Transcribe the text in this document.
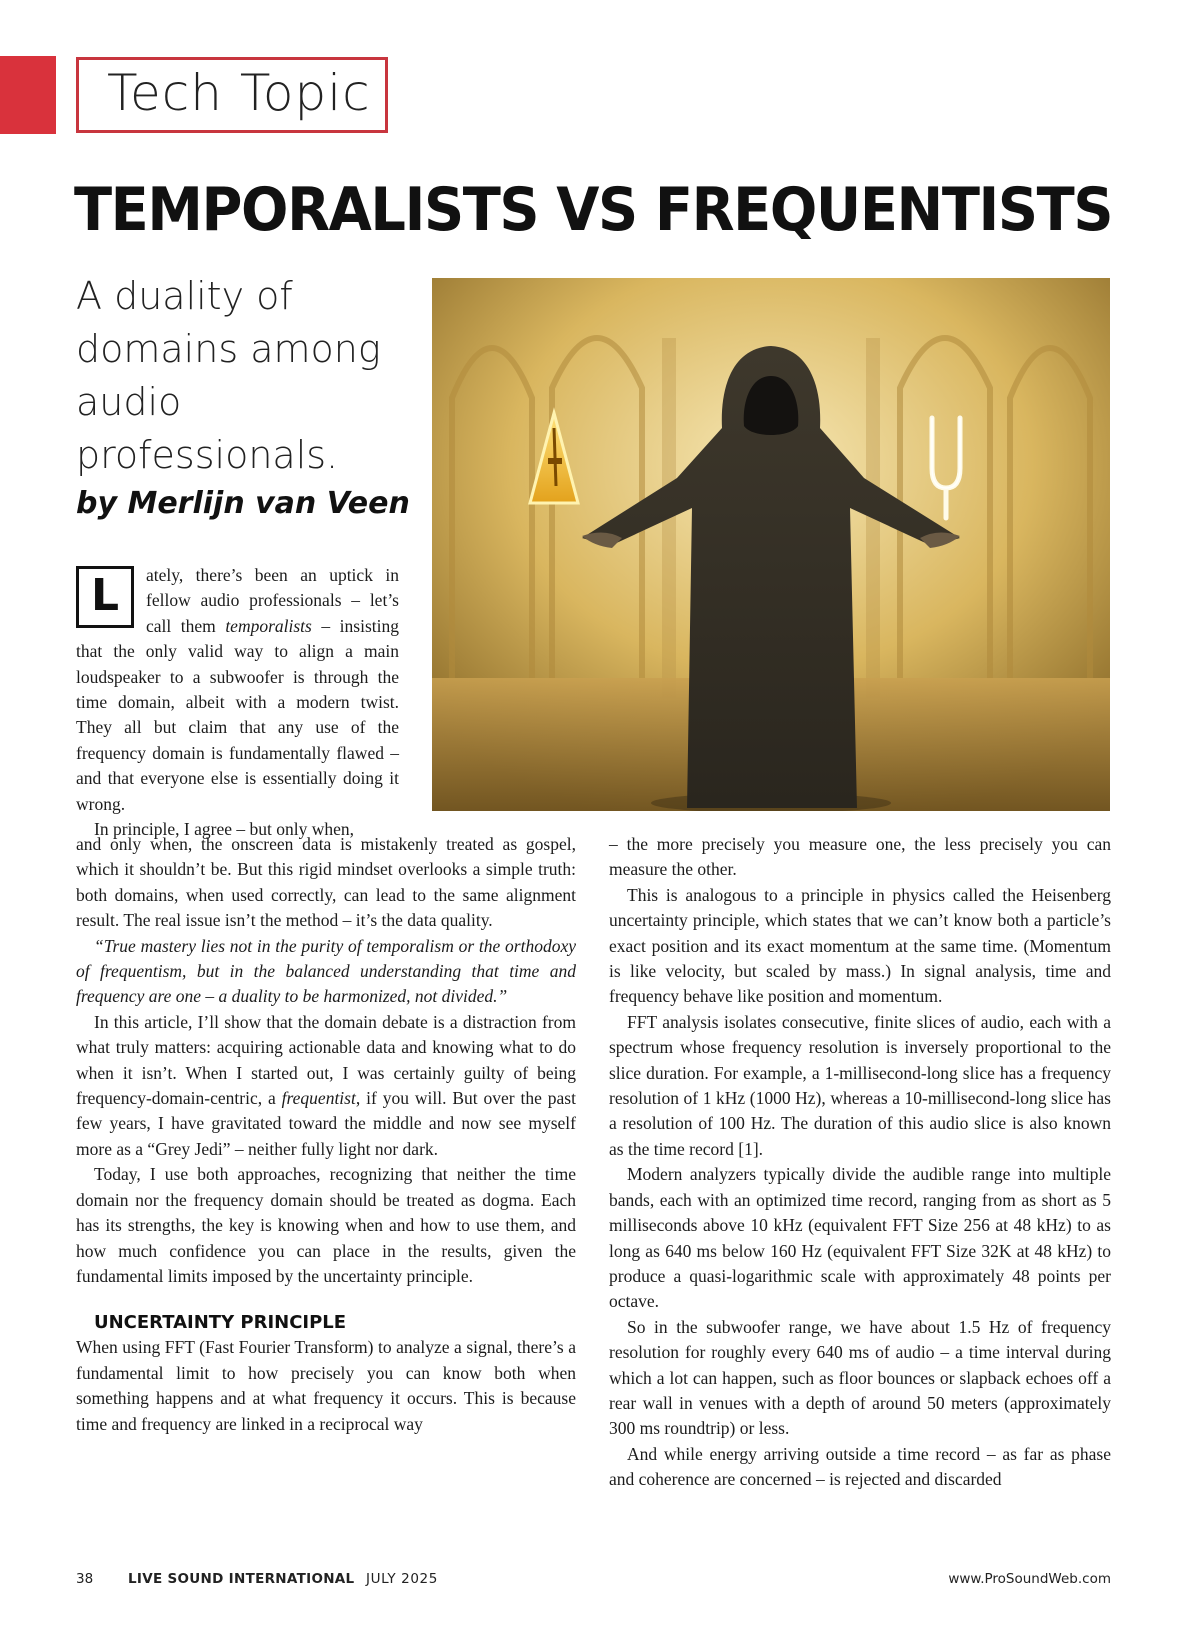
Tech Topic
TEMPORALISTS VS FREQUENTISTS
A duality of domains among audio professionals.
by Merlijn van Veen

L	ately, there’s been an uptick in fellow audio professionals – let’s call them temporalists – insisting that the only valid way to align a main loudspeaker to a subwoofer is through the time domain, albeit with a modern twist. They all but claim that any use of the frequency domain is fundamentally flawed – and that everyone else is essentially doing it wrong.

In principle, I agree – but only when,

and only when, the onscreen data is mistakenly treated as gospel, which it shouldn’t be. But this rigid mindset overlooks a simple truth: both domains, when used correctly, can lead to the same alignment result. The real issue isn’t the method – it’s the data quality.

“True mastery lies not in the purity of temporalism or the orthodoxy of frequentism, but in the balanced understanding that time and frequency are one – a duality to be harmonized, not divided.”

In this article, I’ll show that the domain debate is a distraction from what truly matters: acquiring actionable data and knowing what to do when it isn’t. When I started out, I was certainly guilty of being frequency-domain-centric, a frequentist, if you will. But over the past few years, I have gravitated toward the middle and now see myself more as a “Grey Jedi” – neither fully light nor dark.

Today, I use both approaches, recognizing that neither the time domain nor the frequency domain should be treated as dogma. Each has its strengths, the key is knowing when and how to use them, and how much confidence you can place in the results, given the fundamental limits imposed by the uncertainty principle.

UNCERTAINTY PRINCIPLE

When using FFT (Fast Fourier Transform) to analyze a signal, there’s a fundamental limit to how precisely you can know both when something happens and at what frequency it occurs. This is because time and frequency are linked in a reciprocal way

– the more precisely you measure one, the less precisely you can measure the other.

This is analogous to a principle in physics called the Heisenberg uncertainty principle, which states that we can’t know both a particle’s exact position and its exact momentum at the same time. (Momentum is like velocity, but scaled by mass.) In signal analysis, time and frequency behave like position and momentum.

FFT analysis isolates consecutive, finite slices of audio, each with a spectrum whose frequency resolution is inversely proportional to the slice duration. For example, a 1-millisecond-long slice has a frequency resolution of 1 kHz (1000 Hz), whereas a 10-millisecond-long slice has a resolution of 100 Hz. The duration of this audio slice is also known as the time record [1].

Modern analyzers typically divide the audible range into multiple bands, each with an optimized time record, ranging from as short as 5 milliseconds above 10 kHz (equivalent FFT Size 256 at 48 kHz) to as long as 640 ms below 160 Hz (equivalent FFT Size 32K at 48 kHz) to produce a quasi-logarithmic scale with approximately 48 points per octave.

So in the subwoofer range, we have about 1.5 Hz of frequency resolution for roughly every 640 ms of audio – a time interval during which a lot can happen, such as floor bounces or slapback echoes off a rear wall in venues with a depth of around 50 meters (approximately 300 ms roundtrip) or less.

And while energy arriving outside a time record – as far as phase and coherence are concerned – is rejected and discarded

38	LIVE SOUND INTERNATIONAL JULY 2025	www.ProSoundWeb.com
